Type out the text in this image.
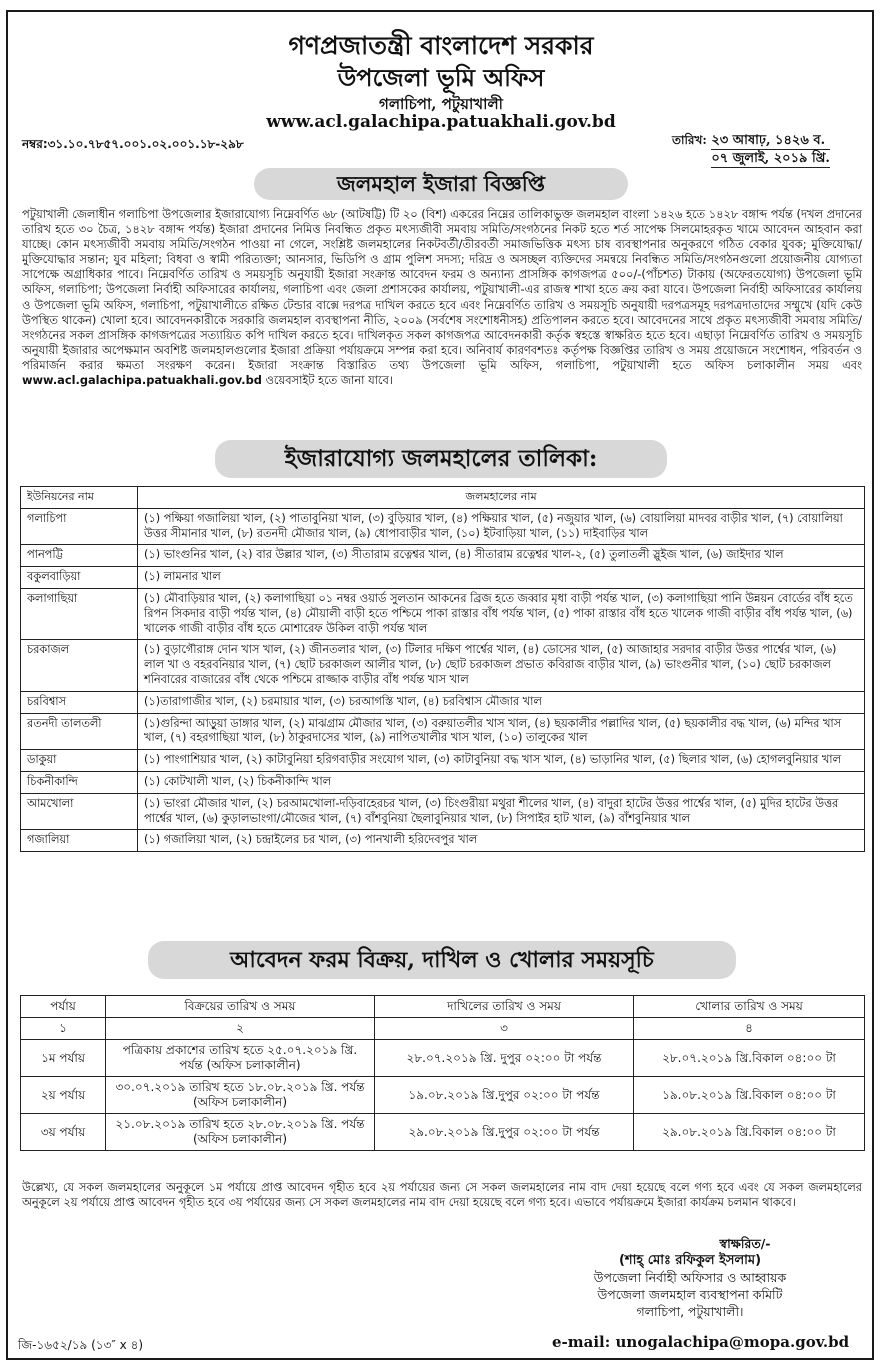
গণপ্রজাতন্ত্রী বাংলাদেশ সরকার
উপজেলা ভূমি অফিস
গলাচিপা, পটুয়াখালী
www.acl.galachipa.patuakhali.gov.bd
নম্বর:৩১.১০.৭৮৫৭.০০১.০২.০০১.১৮-২৯৮	তারিখ: ২৩ আষাঢ়, ১৪২৬ ব.
০৭ জুলাই, ২০১৯ খ্রি.
জলমহাল ইজারা বিজ্ঞপ্তি
পটুয়াখালী জেলাধীন গলাচিপা উপজেলার ইজারাযোগ্য নিম্নেবর্ণিত ৬৮ (আটষট্টি) টি ২০ (বিশ) একরের নিম্নের তালিকাভুক্ত জলমহাল বাংলা ১৪২৬ হতে ১৪২৮ বঙ্গাব্দ পর্যন্ত (দখল প্রদানের তারিখ হতে ৩০ চৈত্র, ১৪২৮ বঙ্গাব্দ পর্যন্ত) ইজারা প্রদানের নিমিত্ত নিবন্ধিত প্রকৃত মৎস্যজীবী সমবায় সমিতি/সংগঠনের নিকট হতে শর্ত সাপেক্ষ সিলমোহরকৃত খামে আবেদন আহবান করা যাচ্ছে। কোন মৎস্যজীবী সমবায় সমিতি/সংগঠন পাওয়া না গেলে, সংশ্লিষ্ট জলমহালের নিকটবর্তী/তীরবর্তী সমাজভিত্তিক মৎস্য চাষ ব্যবস্থাপনার অনুকরণে গঠিত বেকার যুবক; মুক্তিযোদ্ধা/মুক্তিযোদ্ধার সন্তান; যুব মহিলা; বিধবা ও স্বামী পরিত্যক্তা; আনসার, ভিডিপি ও গ্রাম পুলিশ সদস্য; দরিদ্র ও অসচ্ছল ব্যক্তিদের সমন্বয়ে নিবন্ধিত সমিতি/সংগঠনগুলো প্রয়োজনীয় যোগ্যতা সাপেক্ষে অগ্রাধিকার পাবে। নিম্নেবর্ণিত তারিখ ও সময়সূচি অনুযায়ী ইজারা সংক্রান্ত আবেদন ফরম ও অন্যান্য প্রাসঙ্গিক কাগজপত্র ৫০০/-(পাঁচশত) টাকায় (অফেরতযোগ্য) উপজেলা ভূমি অফিস, গলাচিপা; উপজেলা নির্বাহী অফিসারের কার্যালয়, গলাচিপা এবং জেলা প্রশাসকের কার্যালয়, পটুয়াখালী-এর রাজস্ব শাখা হতে ক্রয় করা যাবে। উপজেলা নির্বাহী অফিসারের কার্যালয় ও উপজেলা ভূমি অফিস, গলাচিপা, পটুয়াখালীতে রক্ষিত টেন্ডার বাক্সে দরপত্র দাখিল করতে হবে এবং নিম্নেবর্ণিত তারিখ ও সময়সূচি অনুযায়ী দরপত্রসমূহ দরপত্রদাতাদের সম্মুখে (যদি কেউ উপস্থিত থাকেন) খোলা হবে। আবেদনকারীকে সরকারি জলমহাল ব্যবস্থাপনা নীতি, ২০০৯ (সর্বশেষ সংশোধনীসহ) প্রতিপালন করতে হবে। আবেদনের সাথে প্রকৃত মৎস্যজীবী সমবায় সমিতি/সংগঠনের সকল প্রাসঙ্গিক কাগজপত্রের সত্যায়িত কপি দাখিল করতে হবে। দাখিলকৃত সকল কাগজপত্র আবেদনকারী কর্তৃক স্বহস্তে স্বাক্ষরিত হতে হবে। এছাড়া নিম্নেবর্ণিত তারিখ ও সময়সূচি অনুযায়ী ইজারার অপেক্ষমান অবশিষ্ট জলমহালগুলোর ইজারা প্রক্রিয়া পর্যায়ক্রমে সম্পন্ন করা হবে। অনিবার্য কারণবশতঃ কর্তৃপক্ষ বিজ্ঞপ্তির তারিখ ও সময় প্রয়োজনে সংশোধন, পরিবর্তন ও পরিমার্জন করার ক্ষমতা সংরক্ষণ করেন। ইজারা সংক্রান্ত বিস্তারিত তথ্য উপজেলা ভূমি অফিস, গলাচিপা, পটুয়াখালী হতে অফিস চলাকালীন সময় এবং www.acl.galachipa.patuakhali.gov.bd ওয়েবসাইট হতে জানা যাবে।
ইজারাযোগ্য জলমহালের তালিকা:
ইউনিয়নের নাম	জলমহালের নাম
গলাচিপা	(১) পক্ষিয়া গজালিয়া খাল, (২) পাতাবুনিয়া খাল, (৩) বুড়িয়ার খাল, (৪) পক্ষিয়ার খাল, (৫) নজুয়ার খাল, (৬) বোয়ালিয়া মাদবর বাড়ীর খাল, (৭) বোয়ালিয়া উত্তর সীমানার খাল, (৮) রতনদী মৌজার খাল, (৯) ধোপাবাড়ীর খাল, (১০) ইটবাড়িয়া খাল, (১১) দাইবাড়ির খাল
পানপট্টি	(১) ভাংগুনির খাল, (২) বার উল্লার খাল, (৩) সীতারাম রত্নেশ্বর খাল, (৪) সীতারাম রত্নেশ্বর খাল-২, (৫) তুলাতলী স্লুইজ খাল, (৬) জাইদার খাল
বকুলবাড়িয়া	(১) লামনার খাল
কলাগাছিয়া	(১) মৌবাড়িয়ার খাল, (২) কলাগাছিয়া ০১ নম্বর ওয়ার্ড সুলতান আকনের ব্রিজ হতে জব্বার মৃধা বাড়ী পর্যন্ত খাল, (৩) কলাগাছিয়া পানি উন্নয়ন বোর্ডের বাঁধ হতে রিপন সিকদার বাড়ী পর্যন্ত খাল, (৪) মৌয়ালী বাড়ী হতে পশ্চিমে পাকা রাস্তার বাঁধ পর্যন্ত খাল, (৫) পাকা রাস্তার বাঁধ হতে খালেক গাজী বাড়ীর বাঁধ পর্যন্ত খাল, (৬) খালেক গাজী বাড়ীর বাঁধ হতে মোশারেফ উকিল বাড়ী পর্যন্ত খাল
চরকাজল	(১) বুড়াগৌরাঙ্গ দোন খাস খাল, (২) জীনতলার খাল, (৩) টিলার দক্ষিণ পার্শ্বের খাল, (৪) ডোসের খাল, (৫) আজাহার সরদার বাড়ীর উত্তর পার্শ্বের খাল, (৬) লাল খা ও বহরবনিয়ার খাল, (৭) ছোট চরকাজল আলীর খাল, (৮) ছোট চরকাজল প্রভাত কবিরাজ বাড়ীর খাল, (৯) ভাংগুনীর খাল, (১০) ছোট চরকাজল শনিবারের বাজারের বাঁধ থেকে পশ্চিমে রাজ্জাক বাড়ীর বাঁধ পর্যন্ত খাস খাল
চরবিশ্বাস	(১)তারাগাজীর খাল, (২) চরমায়ার খাল, (৩) চরআগস্তি খাল, (৪) চরবিশ্বাস মৌজার খাল
রতনদী তালতলী	(১)গুরিন্দা আড়ুয়া ডাঙ্গার খাল, (২) মাঝগ্রাম মৌজার খাল, (৩) বরুয়াতলীর খাস খাল, (৪) ছয়কালীর পল্লাদির খাল, (৫) ছয়কালীর বদ্ধ খাল, (৬) মন্দির খাস খাল, (৭) বহরগাছিয়া খাল, (৮) ঠাকুরদাসের খাল, (৯) নাপিতখালীর খাস খাল, (১০) তালুকের খাল
ডাকুয়া	(১) পাংগাশিয়ার খাল, (২) কাটাবুনিয়া হরিগবাড়ীর সংযোগ খাল, (৩) কাটাবুনিয়া বদ্ধ খাস খাল, (৪) ভাড়ানির খাল, (৫) ছিলার খাল, (৬) হোগলবুনিয়ার খাল
চিকনীকান্দি	(১) কোটখালী খাল, (২) চিকনীকান্দি খাল
আমখোলা	(১) ভাংরা মৌজার খাল, (২) চরআমখোলা-দড়িবাহেরচর খাল, (৩) চিংগুরীয়া মথুরা শীলের খাল, (৪) বাদুরা হাটের উত্তর পার্শ্বের খাল, (৫) মুদির হাটের উত্তর পার্শ্বের খাল, (৬) কুড়ালভাংগা/মৌজের খাল, (৭) বাঁশবুনিয়া ছৈলাবুনিয়ার খাল, (৮) সিপাইর হাট খাল, (৯) বাঁশবুনিয়ার খাল
গজালিয়া	(১) গজালিয়া খাল, (২) চন্দ্রাইলের চর খাল, (৩) পানখালী হরিদেবপুর খাল
আবেদন ফরম বিক্রয়, দাখিল ও খোলার সময়সূচি
পর্যায়	বিক্রয়ের তারিখ ও সময়	দাখিলের তারিখ ও সময়	খোলার তারিখ ও সময়
১	২	৩	৪
১ম পর্যায়	পত্রিকায় প্রকাশের তারিখ হতে ২৫.০৭.২০১৯ খ্রি. পর্যন্ত (অফিস চলাকালীন)	২৮.০৭.২০১৯ খ্রি. দুপুর ০২:০০ টা পর্যন্ত	২৮.০৭.২০১৯ খ্রি.বিকাল ০৪:০০ টা
২য় পর্যায়	৩০.০৭.২০১৯ তারিখ হতে ১৮.০৮.২০১৯ খ্রি. পর্যন্ত (অফিস চলাকালীন)	১৯.০৮.২০১৯ খ্রি.দুপুর ০২:০০ টা পর্যন্ত	১৯.০৮.২০১৯ খ্রি.বিকাল ০৪:০০ টা
৩য় পর্যায়	২১.০৮.২০১৯ তারিখ হতে ২৮.০৮.২০১৯ খ্রি. পর্যন্ত (অফিস চলাকালীন)	২৯.০৮.২০১৯ খ্রি.দুপুর ০২:০০ টা পর্যন্ত	২৯.০৮.২০১৯ খ্রি.বিকাল ০৪:০০ টা
উল্লেখ্য, যে সকল জলমহালের অনুকূলে ১ম পর্যায়ে প্রাপ্ত আবেদন গৃহীত হবে ২য় পর্যায়ের জন্য সে সকল জলমহালের নাম বাদ দেয়া হয়েছে বলে গণ্য হবে এবং যে সকল জলমহালের অনুকূলে ২য় পর্যায়ে প্রাপ্ত আবেদন গৃহীত হবে ৩য় পর্যায়ের জন্য সে সকল জলমহালের নাম বাদ দেয়া হয়েছে বলে গণ্য হবে। এভাবে পর্যায়ক্রমে ইজারা কার্যক্রম চলমান থাকবে।
স্বাক্ষরিত/-
(শাহ্ মোঃ রফিকুল ইসলাম)
উপজেলা নির্বাহী অফিসার ও আহ্বায়ক
উপজেলা জলমহাল ব্যবস্থাপনা কমিটি
গলাচিপা, পটুয়াখালী।
জি-১৬৫২/১৯ (১৩″ x ৪)	e-mail: unogalachipa@mopa.gov.bd
